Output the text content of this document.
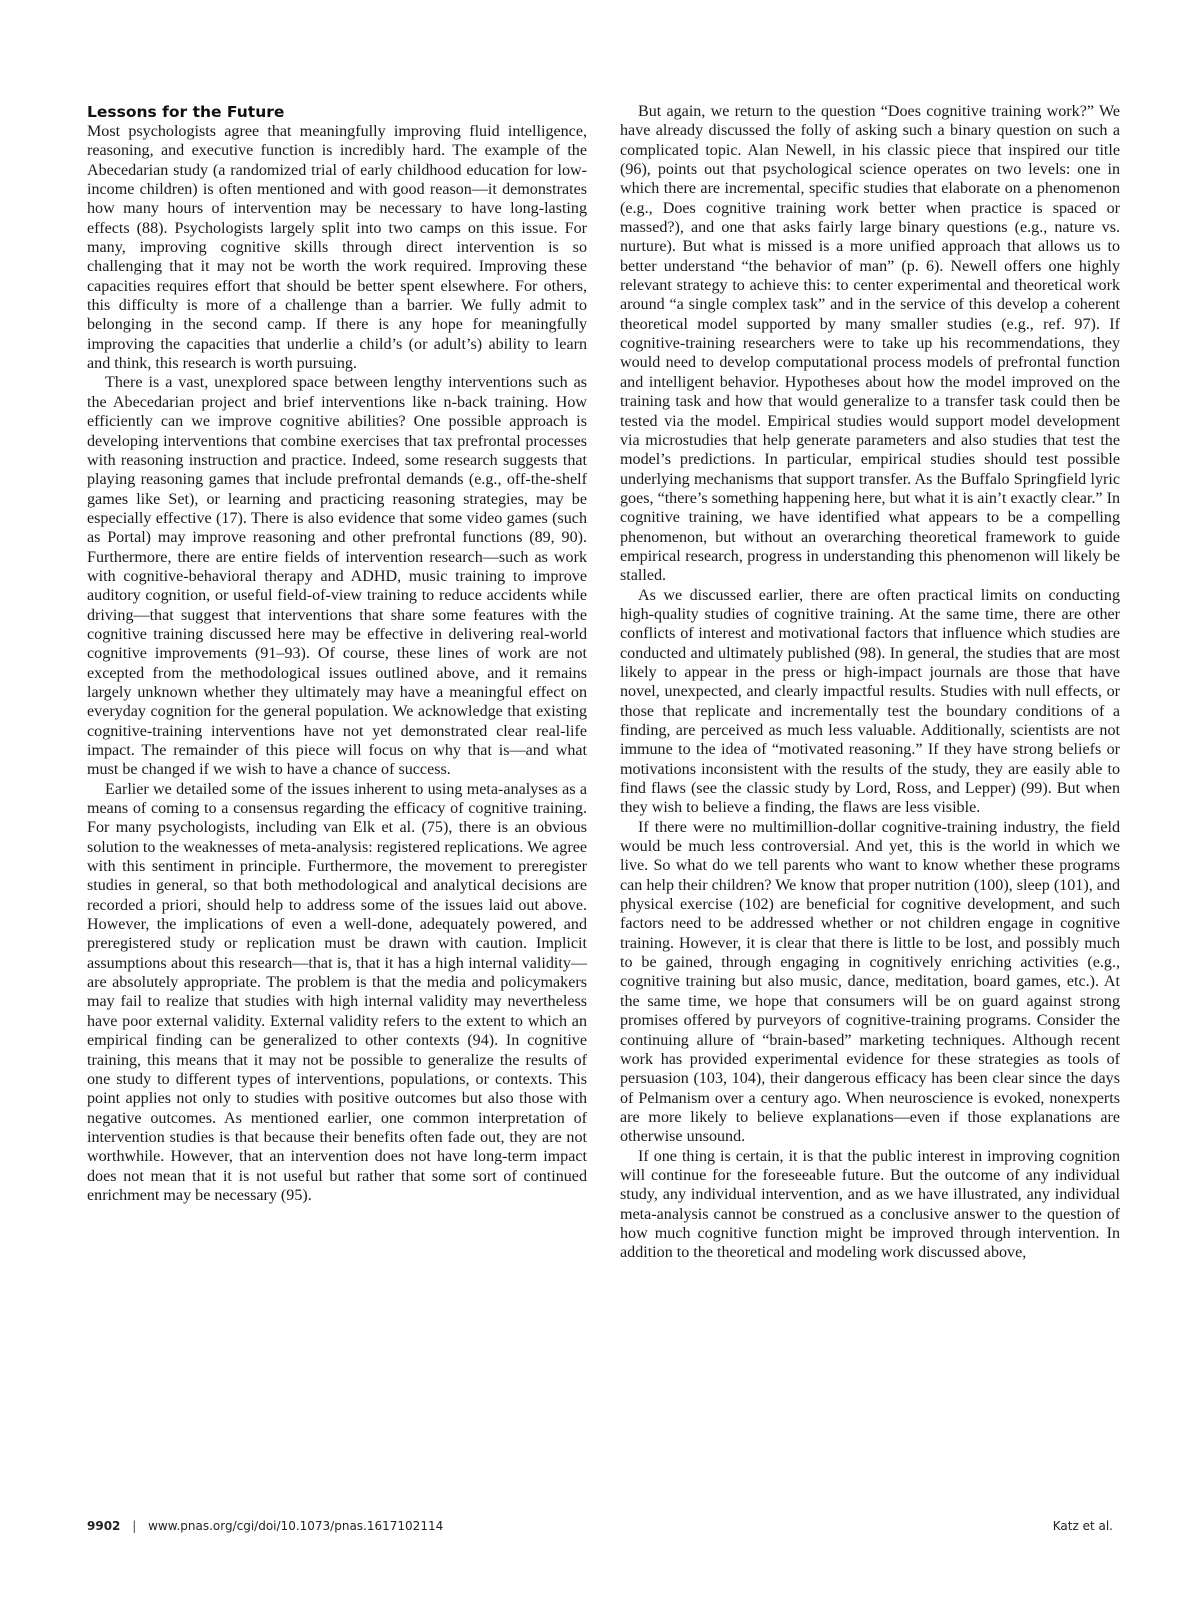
Lessons for the Future

Most psychologists agree that meaningfully improving fluid intelligence, reasoning, and executive function is incredibly hard. The example of the Abecedarian study (a randomized trial of early childhood education for low-income children) is often mentioned and with good reason—it demonstrates how many hours of intervention may be necessary to have long-lasting effects (88). Psychologists largely split into two camps on this issue. For many, improving cognitive skills through direct intervention is so challenging that it may not be worth the work required. Improving these capacities requires effort that should be better spent elsewhere. For others, this difficulty is more of a challenge than a barrier. We fully admit to belonging in the second camp. If there is any hope for meaningfully improving the capacities that underlie a child’s (or adult’s) ability to learn and think, this research is worth pursuing.

There is a vast, unexplored space between lengthy interventions such as the Abecedarian project and brief interventions like n-back training. How efficiently can we improve cognitive abilities? One possible approach is developing interventions that combine exercises that tax prefrontal processes with reasoning instruction and practice. Indeed, some research suggests that playing reasoning games that include prefrontal demands (e.g., off-the-shelf games like Set), or learning and practicing reasoning strategies, may be especially effective (17). There is also evidence that some video games (such as Portal) may improve reasoning and other prefrontal functions (89, 90). Furthermore, there are entire fields of intervention research—such as work with cognitive-behavioral therapy and ADHD, music training to improve auditory cognition, or useful field-of-view training to reduce accidents while driving—that suggest that interventions that share some features with the cognitive training discussed here may be effective in delivering real-world cognitive improvements (91–93). Of course, these lines of work are not excepted from the methodological issues outlined above, and it remains largely unknown whether they ultimately may have a meaningful effect on everyday cognition for the general population. We acknowledge that existing cognitive-training interventions have not yet demonstrated clear real-life impact. The remainder of this piece will focus on why that is—and what must be changed if we wish to have a chance of success.

Earlier we detailed some of the issues inherent to using meta-analyses as a means of coming to a consensus regarding the efficacy of cognitive training. For many psychologists, including van Elk et al. (75), there is an obvious solution to the weaknesses of meta-analysis: registered replications. We agree with this sentiment in principle. Furthermore, the movement to preregister studies in general, so that both methodological and analytical decisions are recorded a priori, should help to address some of the issues laid out above. However, the implications of even a well-done, adequately powered, and preregistered study or replication must be drawn with caution. Implicit assumptions about this research—that is, that it has a high internal validity—are absolutely appropriate. The problem is that the media and policymakers may fail to realize that studies with high internal validity may nevertheless have poor external validity. External validity refers to the extent to which an empirical finding can be generalized to other contexts (94). In cognitive training, this means that it may not be possible to generalize the results of one study to different types of interventions, populations, or contexts. This point applies not only to studies with positive outcomes but also those with negative outcomes. As mentioned earlier, one common interpretation of intervention studies is that because their benefits often fade out, they are not worthwhile. However, that an intervention does not have long-term impact does not mean that it is not useful but rather that some sort of continued enrichment may be necessary (95).

But again, we return to the question “Does cognitive training work?” We have already discussed the folly of asking such a binary question on such a complicated topic. Alan Newell, in his classic piece that inspired our title (96), points out that psychological science operates on two levels: one in which there are incremental, specific studies that elaborate on a phenomenon (e.g., Does cognitive training work better when practice is spaced or massed?), and one that asks fairly large binary questions (e.g., nature vs. nurture). But what is missed is a more unified approach that allows us to better understand “the behavior of man” (p. 6). Newell offers one highly relevant strategy to achieve this: to center experimental and theoretical work around “a single complex task” and in the service of this develop a coherent theoretical model supported by many smaller studies (e.g., ref. 97). If cognitive-training researchers were to take up his recommendations, they would need to develop computational process models of prefrontal function and intelligent behavior. Hypotheses about how the model improved on the training task and how that would generalize to a transfer task could then be tested via the model. Empirical studies would support model development via microstudies that help generate parameters and also studies that test the model’s predictions. In particular, empirical studies should test possible underlying mechanisms that support transfer. As the Buffalo Springfield lyric goes, “there’s something happening here, but what it is ain’t exactly clear.” In cognitive training, we have identified what appears to be a compelling phenomenon, but without an overarching theoretical framework to guide empirical research, progress in understanding this phenomenon will likely be stalled.

As we discussed earlier, there are often practical limits on conducting high-quality studies of cognitive training. At the same time, there are other conflicts of interest and motivational factors that influence which studies are conducted and ultimately published (98). In general, the studies that are most likely to appear in the press or high-impact journals are those that have novel, unexpected, and clearly impactful results. Studies with null effects, or those that replicate and incrementally test the boundary conditions of a finding, are perceived as much less valuable. Additionally, scientists are not immune to the idea of “motivated reasoning.” If they have strong beliefs or motivations inconsistent with the results of the study, they are easily able to find flaws (see the classic study by Lord, Ross, and Lepper) (99). But when they wish to believe a finding, the flaws are less visible.

If there were no multimillion-dollar cognitive-training industry, the field would be much less controversial. And yet, this is the world in which we live. So what do we tell parents who want to know whether these programs can help their children? We know that proper nutrition (100), sleep (101), and physical exercise (102) are beneficial for cognitive development, and such factors need to be addressed whether or not children engage in cognitive training. However, it is clear that there is little to be lost, and possibly much to be gained, through engaging in cognitively enriching activities (e.g., cognitive training but also music, dance, meditation, board games, etc.). At the same time, we hope that consumers will be on guard against strong promises offered by purveyors of cognitive-training programs. Consider the continuing allure of “brain-based” marketing techniques. Although recent work has provided experimental evidence for these strategies as tools of persuasion (103, 104), their dangerous efficacy has been clear since the days of Pelmanism over a century ago. When neuroscience is evoked, nonexperts are more likely to believe explanations—even if those explanations are otherwise unsound.

If one thing is certain, it is that the public interest in improving cognition will continue for the foreseeable future. But the outcome of any individual study, any individual intervention, and as we have illustrated, any individual meta-analysis cannot be construed as a conclusive answer to the question of how much cognitive function might be improved through intervention. In addition to the theoretical and modeling work discussed above,

9902 | www.pnas.org/cgi/doi/10.1073/pnas.1617102114	Katz et al.
